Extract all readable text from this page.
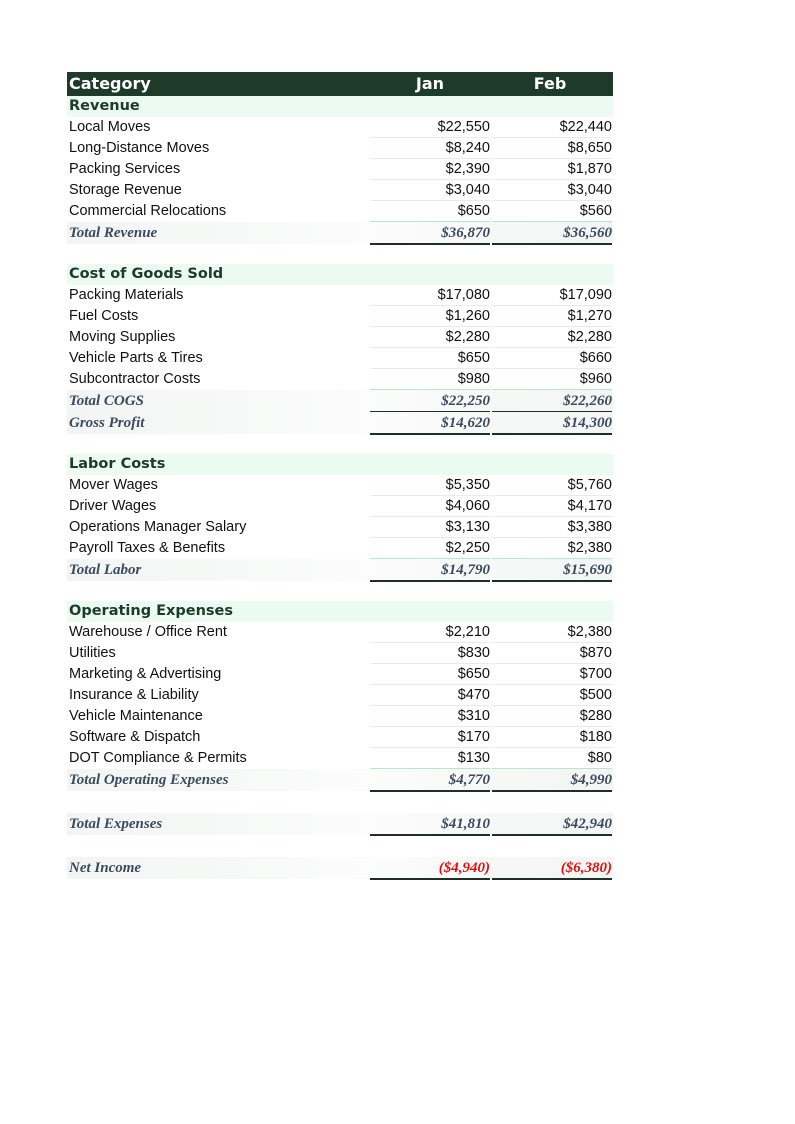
Category	Jan	Feb
Revenue
Local Moves	$22,550	$22,440
Long-Distance Moves	$8,240	$8,650
Packing Services	$2,390	$1,870
Storage Revenue	$3,040	$3,040
Commercial Relocations	$650	$560
Total Revenue	$36,870	$36,560
Cost of Goods Sold
Packing Materials	$17,080	$17,090
Fuel Costs	$1,260	$1,270
Moving Supplies	$2,280	$2,280
Vehicle Parts & Tires	$650	$660
Subcontractor Costs	$980	$960
Total COGS	$22,250	$22,260
Gross Profit	$14,620	$14,300
Labor Costs
Mover Wages	$5,350	$5,760
Driver Wages	$4,060	$4,170
Operations Manager Salary	$3,130	$3,380
Payroll Taxes & Benefits	$2,250	$2,380
Total Labor	$14,790	$15,690
Operating Expenses
Warehouse / Office Rent	$2,210	$2,380
Utilities	$830	$870
Marketing & Advertising	$650	$700
Insurance & Liability	$470	$500
Vehicle Maintenance	$310	$280
Software & Dispatch	$170	$180
DOT Compliance & Permits	$130	$80
Total Operating Expenses	$4,770	$4,990
Total Expenses	$41,810	$42,940
Net Income	($4,940)	($6,380)
